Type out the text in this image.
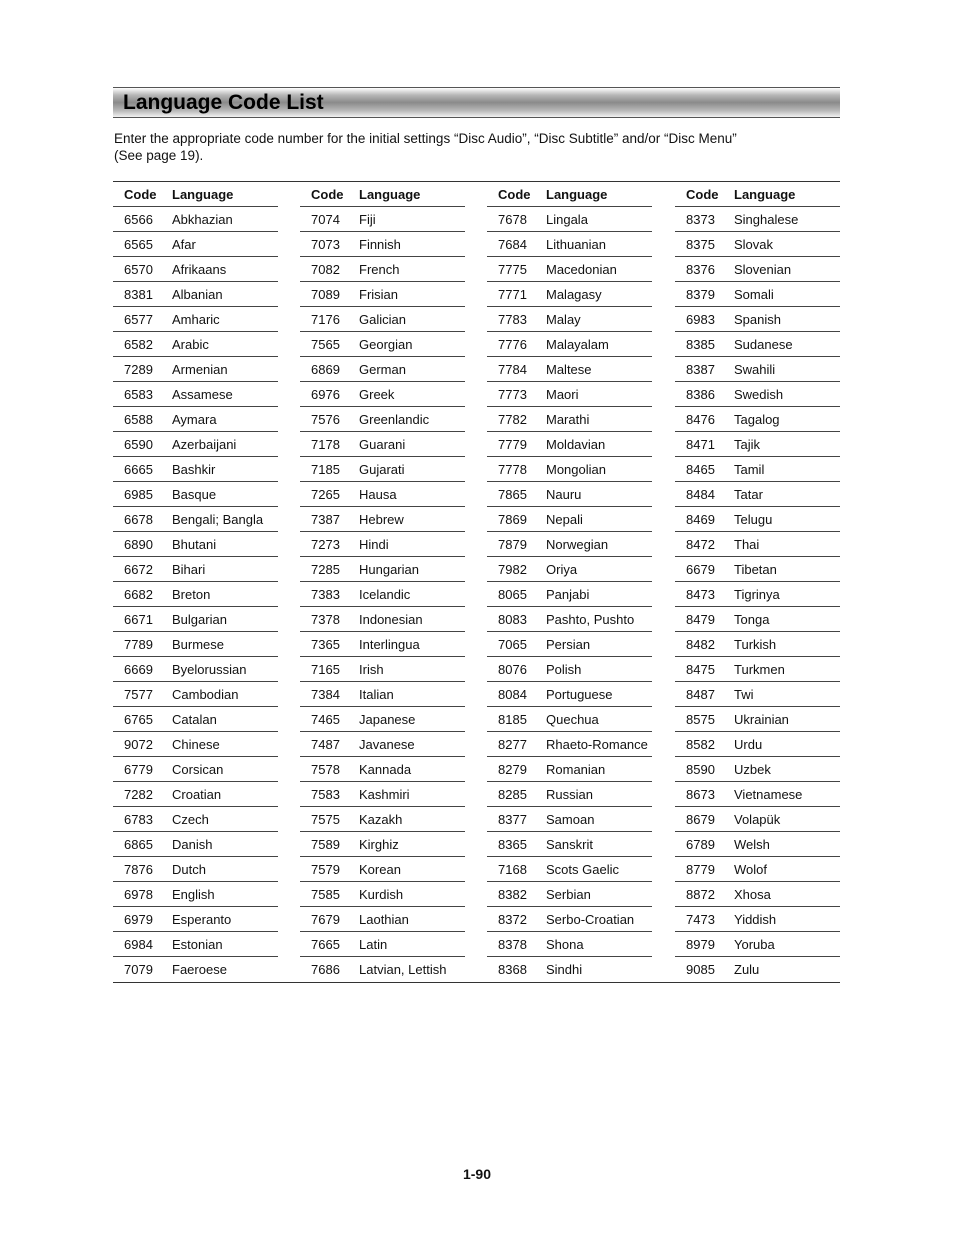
Language Code List

Enter the appropriate code number for the initial settings “Disc Audio”, “Disc Subtitle” and/or “Disc Menu”

(See page 19).

Code Language
6566 Abkhazian
6565 Afar
6570 Afrikaans
8381 Albanian
6577 Amharic
6582 Arabic
7289 Armenian
6583 Assamese
6588 Aymara
6590 Azerbaijani
6665 Bashkir
6985 Basque
6678 Bengali; Bangla
6890 Bhutani
6672 Bihari
6682 Breton
6671 Bulgarian
7789 Burmese
6669 Byelorussian
7577 Cambodian
6765 Catalan
9072 Chinese
6779 Corsican
7282 Croatian
6783 Czech
6865 Danish
7876 Dutch
6978 English
6979 Esperanto
6984 Estonian
7079 Faeroese
Code Language
7074 Fiji
7073 Finnish
7082 French
7089 Frisian
7176 Galician
7565 Georgian
6869 German
6976 Greek
7576 Greenlandic
7178 Guarani
7185 Gujarati
7265 Hausa
7387 Hebrew
7273 Hindi
7285 Hungarian
7383 Icelandic
7378 Indonesian
7365 Interlingua
7165 Irish
7384 Italian
7465 Japanese
7487 Javanese
7578 Kannada
7583 Kashmiri
7575 Kazakh
7589 Kirghiz
7579 Korean
7585 Kurdish
7679 Laothian
7665 Latin
7686 Latvian, Lettish
Code Language
7678 Lingala
7684 Lithuanian
7775 Macedonian
7771 Malagasy
7783 Malay
7776 Malayalam
7784 Maltese
7773 Maori
7782 Marathi
7779 Moldavian
7778 Mongolian
7865 Nauru
7869 Nepali
7879 Norwegian
7982 Oriya
8065 Panjabi
8083 Pashto, Pushto
7065 Persian
8076 Polish
8084 Portuguese
8185 Quechua
8277 Rhaeto-Romance
8279 Romanian
8285 Russian
8377 Samoan
8365 Sanskrit
7168 Scots Gaelic
8382 Serbian
8372 Serbo-Croatian
8378 Shona
8368 Sindhi
Code Language
8373 Singhalese
8375 Slovak
8376 Slovenian
8379 Somali
6983 Spanish
8385 Sudanese
8387 Swahili
8386 Swedish
8476 Tagalog
8471 Tajik
8465 Tamil
8484 Tatar
8469 Telugu
8472 Thai
6679 Tibetan
8473 Tigrinya
8479 Tonga
8482 Turkish
8475 Turkmen
8487 Twi
8575 Ukrainian
8582 Urdu
8590 Uzbek
8673 Vietnamese
8679 Volapük
6789 Welsh
8779 Wolof
8872 Xhosa
7473 Yiddish
8979 Yoruba
9085 Zulu
1-90
